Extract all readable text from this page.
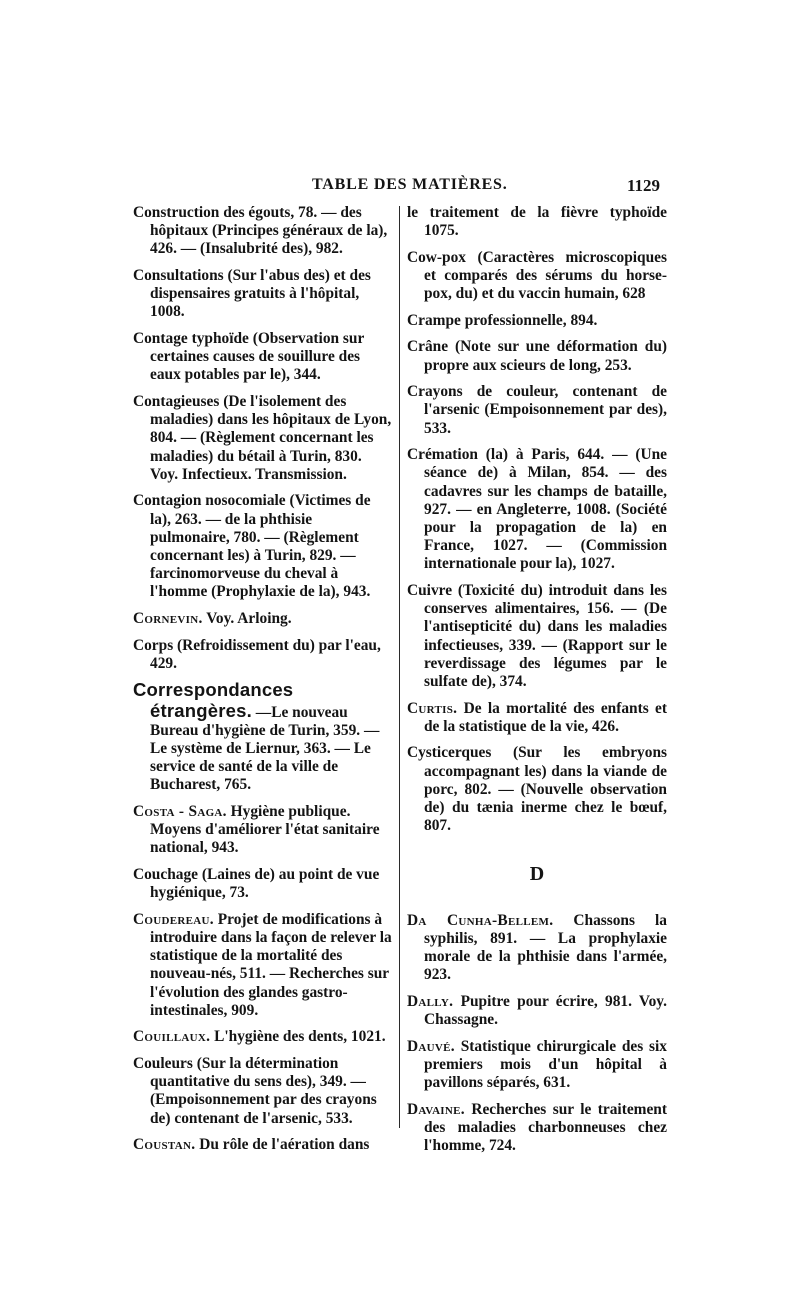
TABLE DES MATIÈRES.	1129

Construction des égouts, 78. — des hôpitaux (Principes généraux de la), 426. — (Insalubrité des), 982.

Consultations (Sur l'abus des) et des dispensaires gratuits à l'hôpital, 1008.

Contage typhoïde (Observation sur certaines causes de souillure des eaux potables par le), 344.

Contagieuses (De l'isolement des maladies) dans les hôpitaux de Lyon, 804. — (Règlement concernant les maladies) du bétail à Turin, 830. Voy. Infectieux. Transmission.

Contagion nosocomiale (Victimes de la), 263. — de la phthisie pulmonaire, 780. — (Règlement concernant les) à Turin, 829. — farcinomorveuse du cheval à l'homme (Prophylaxie de la), 943.

Cornevin. Voy. Arloing.

Corps (Refroidissement du) par l'eau, 429.

Correspondances étrangères. —Le nouveau Bureau d'hygiène de Turin, 359. — Le système de Liernur, 363. — Le service de santé de la ville de Bucharest, 765.

Costa - Saga. Hygiène publique. Moyens d'améliorer l'état sanitaire national, 943.

Couchage (Laines de) au point de vue hygiénique, 73.

Coudereau. Projet de modifications à introduire dans la façon de relever la statistique de la mortalité des nouveau-nés, 511. — Recherches sur l'évolution des glandes gastro-intestinales, 909.

Couillaux. L'hygiène des dents, 1021.

Couleurs (Sur la détermination quantitative du sens des), 349. — (Empoisonnement par des crayons de) contenant de l'arsenic, 533.

Coustan. Du rôle de l'aération dans

le traitement de la fièvre typhoïde 1075.

Cow-pox (Caractères microscopiques et comparés des sérums du horse-pox, du) et du vaccin humain, 628

Crampe professionnelle, 894.

Crâne (Note sur une déformation du) propre aux scieurs de long, 253.

Crayons de couleur, contenant de l'arsenic (Empoisonnement par des), 533.

Crémation (la) à Paris, 644. — (Une séance de) à Milan, 854. — des cadavres sur les champs de bataille, 927. — en Angleterre, 1008. (Société pour la propagation de la) en France, 1027. — (Commission internationale pour la), 1027.

Cuivre (Toxicité du) introduit dans les conserves alimentaires, 156. — (De l'antisepticité du) dans les maladies infectieuses, 339. — (Rapport sur le reverdissage des légumes par le sulfate de), 374.

Curtis. De la mortalité des enfants et de la statistique de la vie, 426.

Cysticerques (Sur les embryons accompagnant les) dans la viande de porc, 802. — (Nouvelle observation de) du tænia inerme chez le bœuf, 807.

D

Da Cunha-Bellem. Chassons la syphilis, 891. — La prophylaxie morale de la phthisie dans l'armée, 923.

Dally. Pupitre pour écrire, 981. Voy. Chassagne.

Dauvé. Statistique chirurgicale des six premiers mois d'un hôpital à pavillons séparés, 631.

Davaine. Recherches sur le traitement des maladies charbonneuses chez l'homme, 724.
